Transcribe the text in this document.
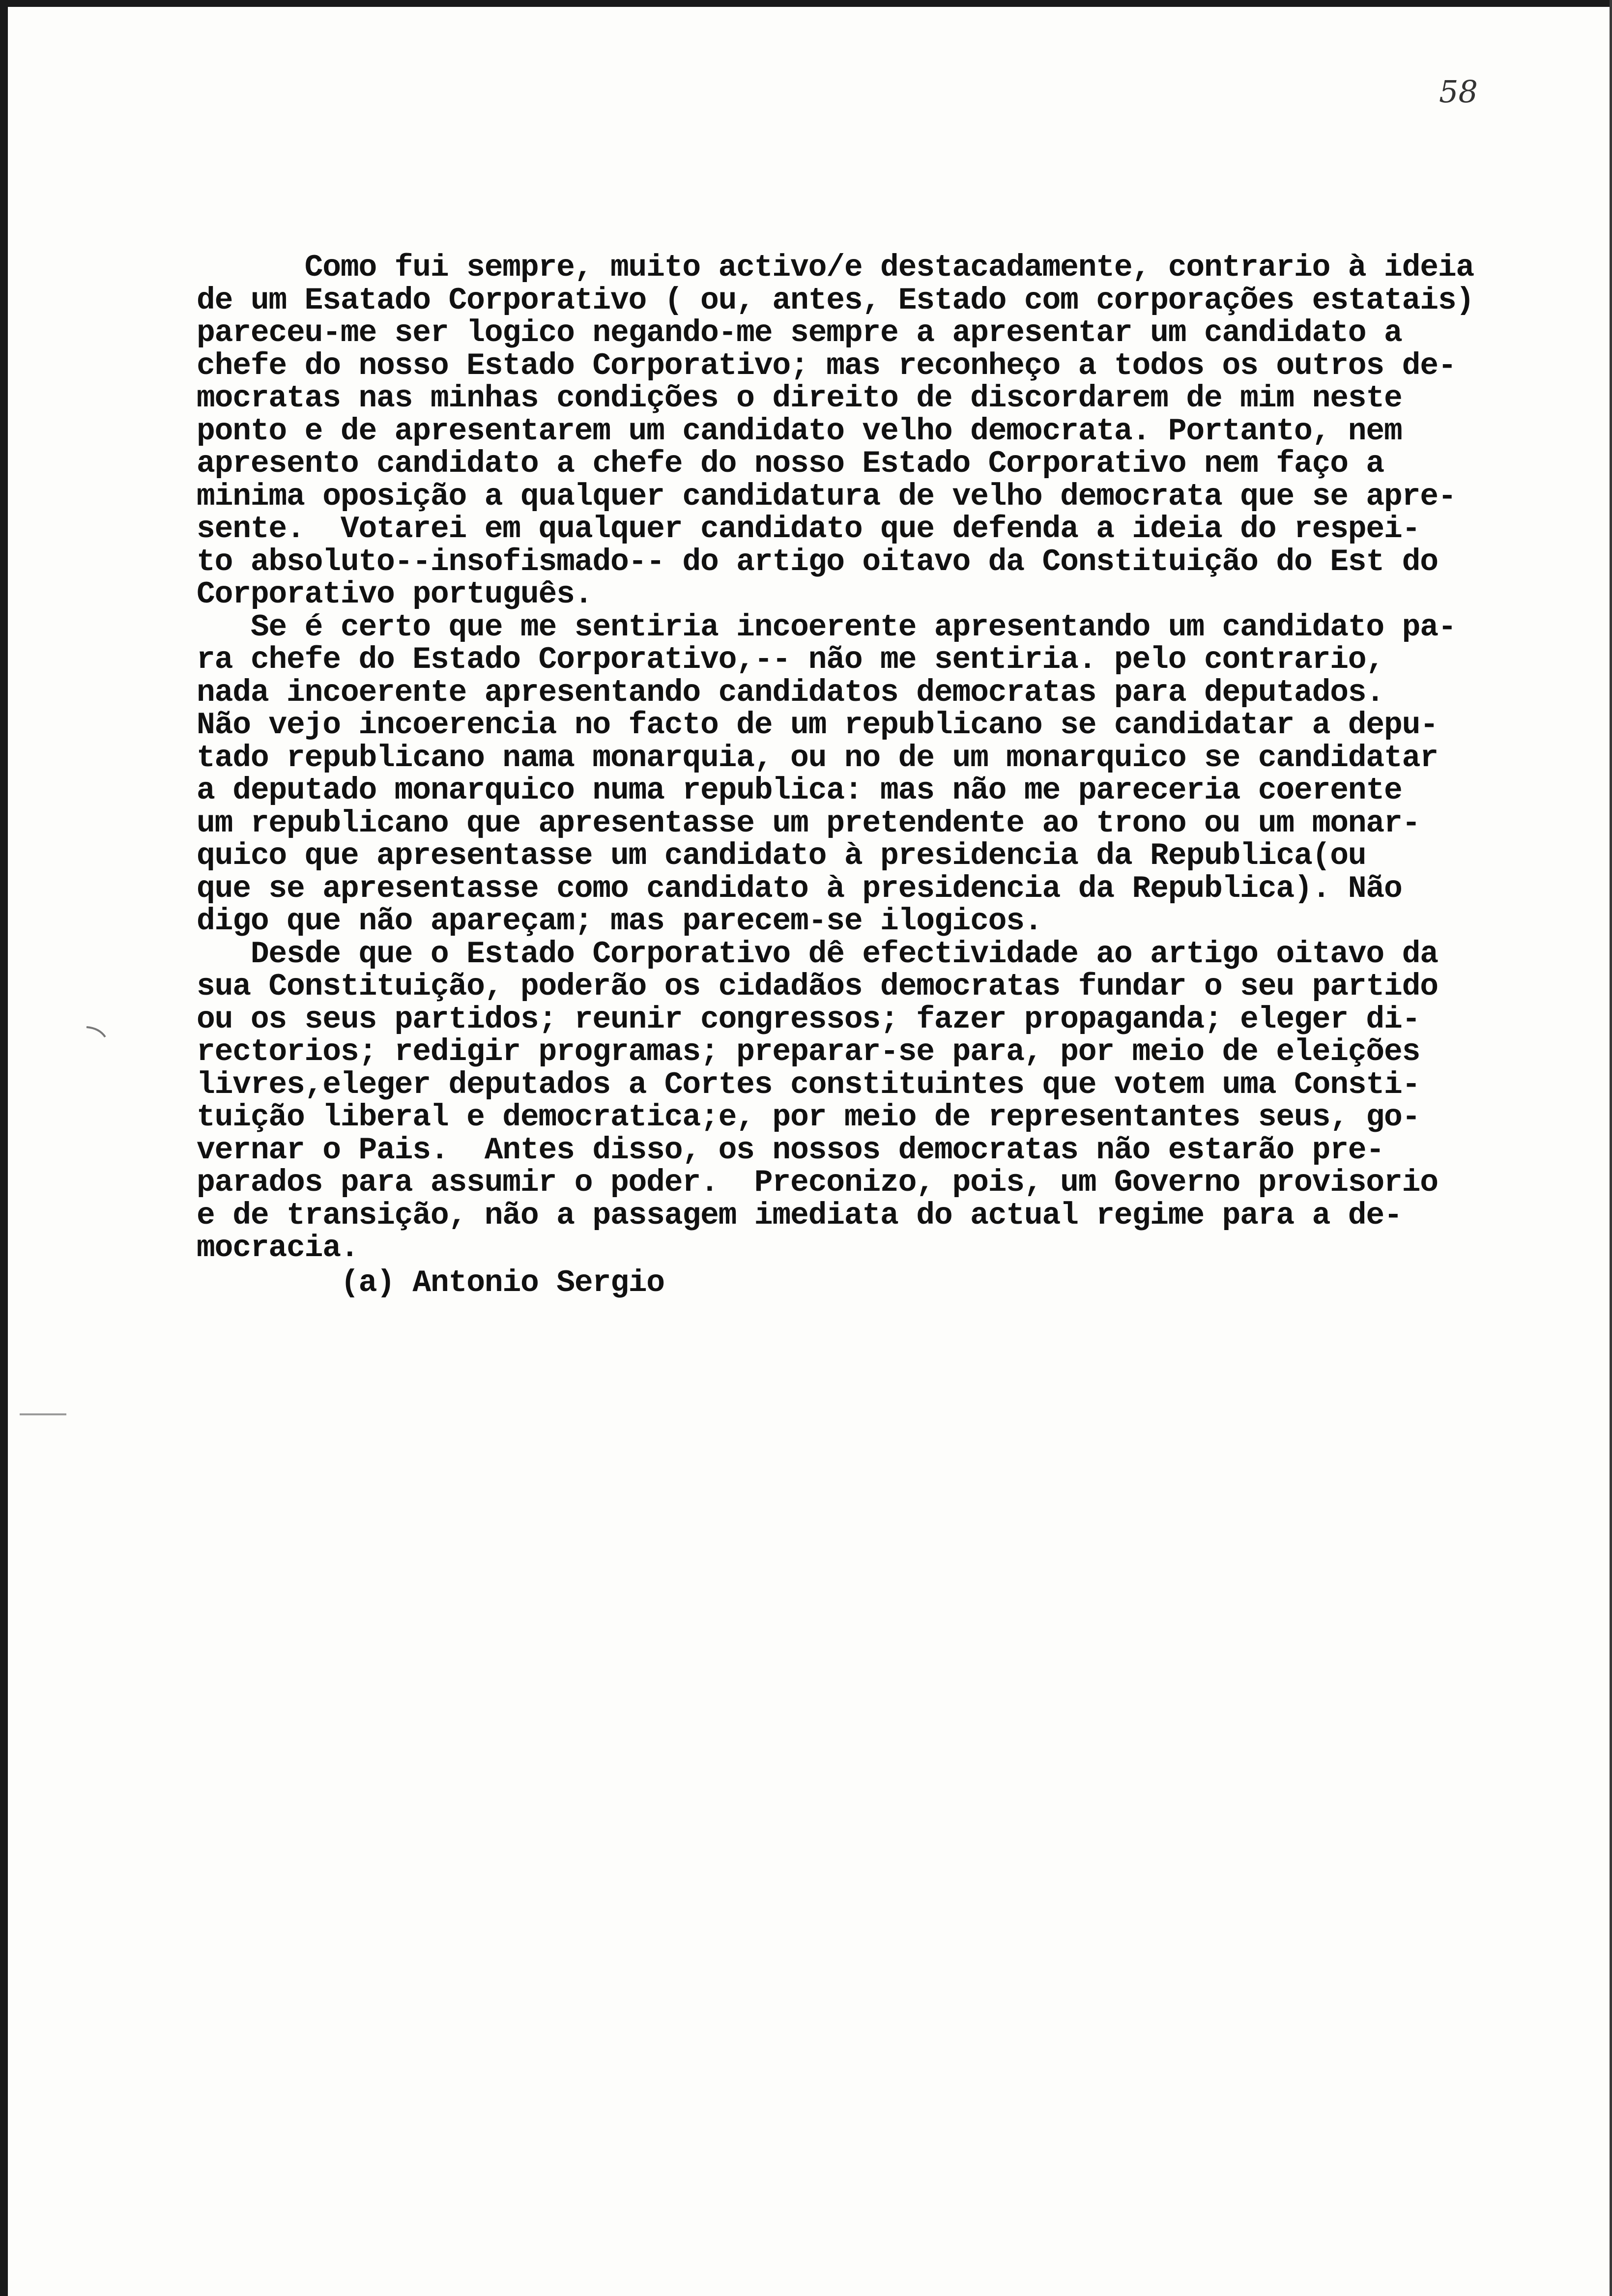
58
Como fui sempre, muito activo/e destacadamente, contrario à ideia
de um Esatado Corporativo ( ou, antes, Estado com corporações estatais)
pareceu-me ser logico negando-me sempre a apresentar um candidato a
chefe do nosso Estado Corporativo; mas reconheço a todos os outros de-
mocratas nas minhas condições o direito de discordarem de mim neste
ponto e de apresentarem um candidato velho democrata. Portanto, nem
apresento candidato a chefe do nosso Estado Corporativo nem faço a
minima oposição a qualquer candidatura de velho democrata que se apre-
sente.  Votarei em qualquer candidato que defenda a ideia do respei-
to absoluto--insofismado-- do artigo oitavo da Constituição do Est do
Corporativo português.
Se é certo que me sentiria incoerente apresentando um candidato pa-
ra chefe do Estado Corporativo,-- não me sentiria. pelo contrario,
nada incoerente apresentando candidatos democratas para deputados.
Não vejo incoerencia no facto de um republicano se candidatar a depu-
tado republicano nama monarquia, ou no de um monarquico se candidatar
a deputado monarquico numa republica: mas não me pareceria coerente
um republicano que apresentasse um pretendente ao trono ou um monar-
quico que apresentasse um candidato à presidencia da Republica(ou
que se apresentasse como candidato à presidencia da Republica). Não
digo que não apareçam; mas parecem-se ilogicos.
Desde que o Estado Corporativo dê efectividade ao artigo oitavo da
sua Constituição, poderão os cidadãos democratas fundar o seu partido
ou os seus partidos; reunir congressos; fazer propaganda; eleger di-
rectorios; redigir programas; preparar-se para, por meio de eleições
livres,eleger deputados a Cortes constituintes que votem uma Consti-
tuição liberal e democratica;e, por meio de representantes seus, go-
vernar o Pais.  Antes disso, os nossos democratas não estarão pre-
parados para assumir o poder.  Preconizo, pois, um Governo provisorio
e de transição, não a passagem imediata do actual regime para a de-
mocracia.
(a) Antonio Sergio
